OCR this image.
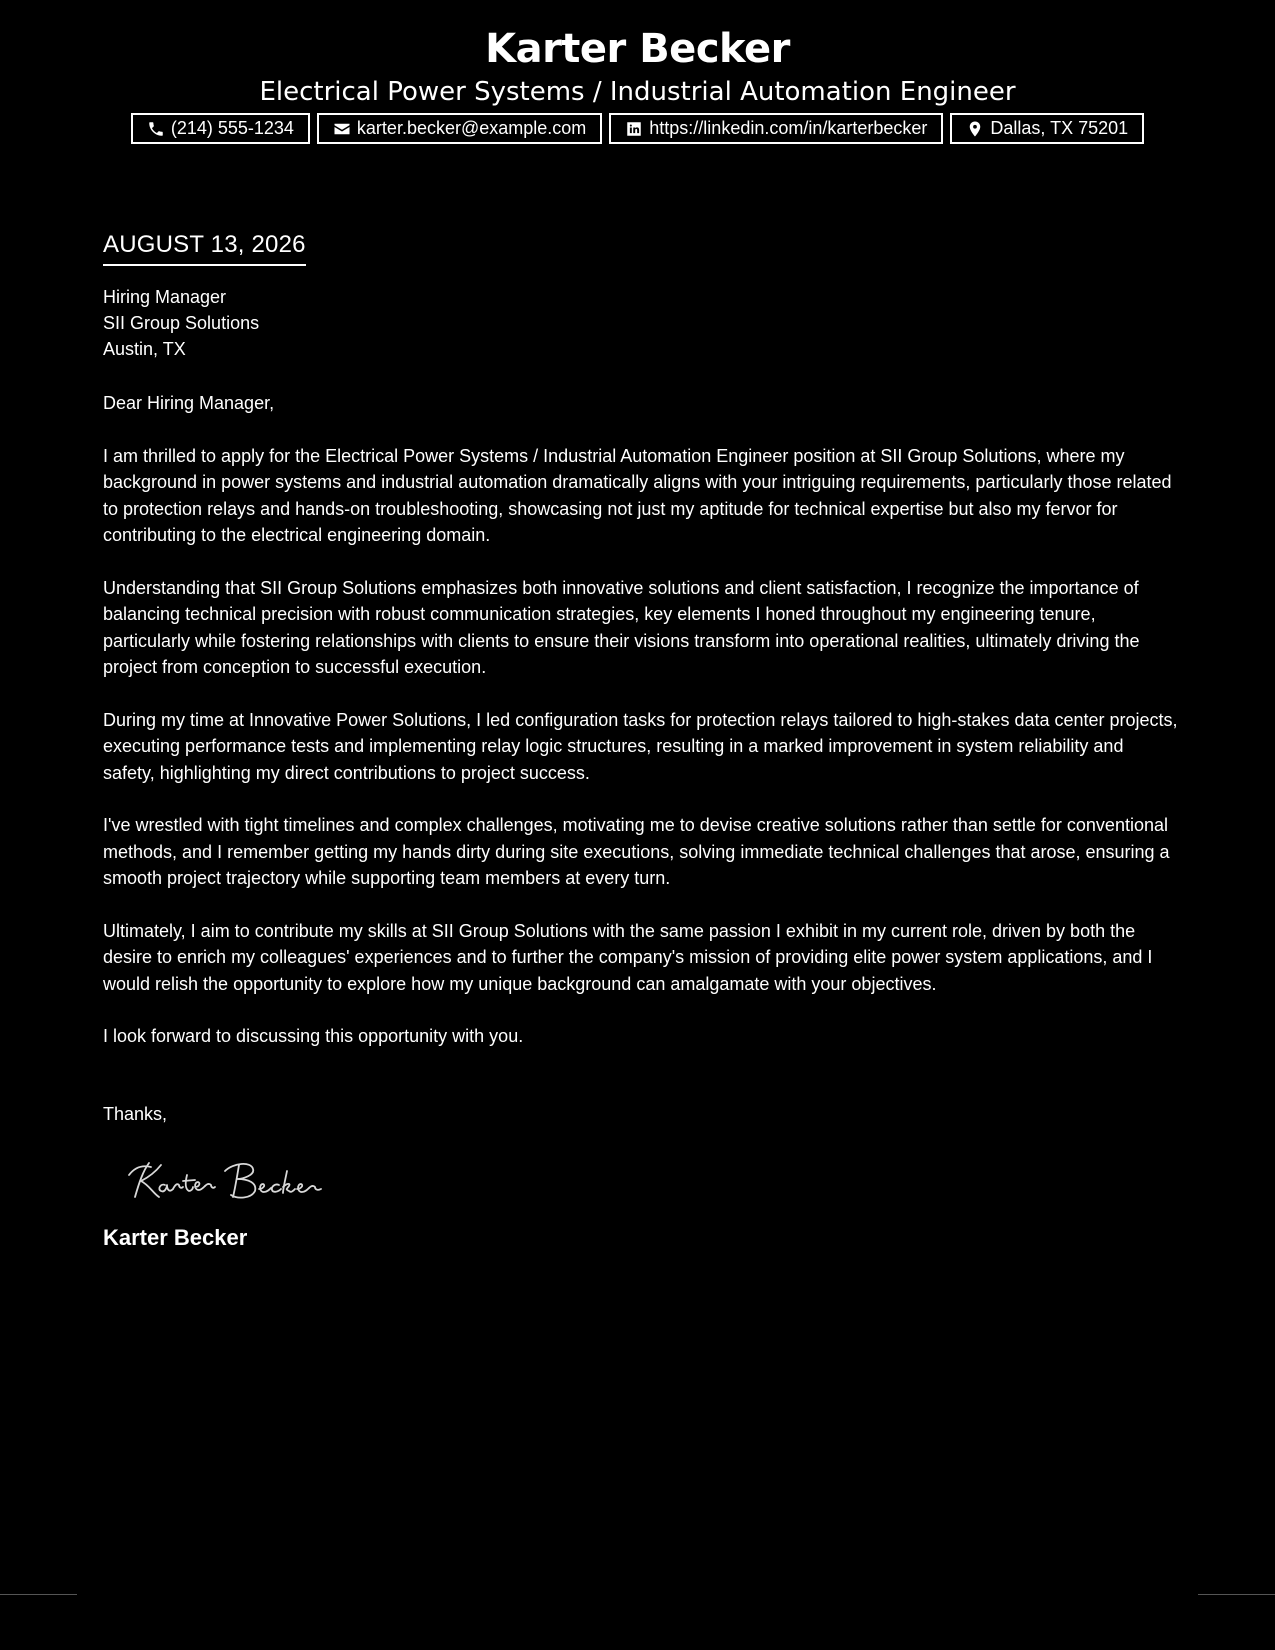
Karter Becker
Electrical Power Systems / Industrial Automation Engineer
(214) 555-1234	karter.becker@example.com	https://linkedin.com/in/karterbecker	Dallas, TX 75201
AUGUST 13, 2026
Hiring Manager
SII Group Solutions
Austin, TX
Dear Hiring Manager,
I am thrilled to apply for the Electrical Power Systems / Industrial Automation Engineer position at SII Group Solutions, where my background in power systems and industrial automation dramatically aligns with your intriguing requirements, particularly those related to protection relays and hands-on troubleshooting, showcasing not just my aptitude for technical expertise but also my fervor for contributing to the electrical engineering domain.
Understanding that SII Group Solutions emphasizes both innovative solutions and client satisfaction, I recognize the importance of balancing technical precision with robust communication strategies, key elements I honed throughout my engineering tenure, particularly while fostering relationships with clients to ensure their visions transform into operational realities, ultimately driving the project from conception to successful execution.
During my time at Innovative Power Solutions, I led configuration tasks for protection relays tailored to high-stakes data center projects, executing performance tests and implementing relay logic structures, resulting in a marked improvement in system reliability and safety, highlighting my direct contributions to project success.
I've wrestled with tight timelines and complex challenges, motivating me to devise creative solutions rather than settle for conventional methods, and I remember getting my hands dirty during site executions, solving immediate technical challenges that arose, ensuring a smooth project trajectory while supporting team members at every turn.
Ultimately, I aim to contribute my skills at SII Group Solutions with the same passion I exhibit in my current role, driven by both the desire to enrich my colleagues' experiences and to further the company's mission of providing elite power system applications, and I would relish the opportunity to explore how my unique background can amalgamate with your objectives.
I look forward to discussing this opportunity with you.
Thanks,
Karter Becker
